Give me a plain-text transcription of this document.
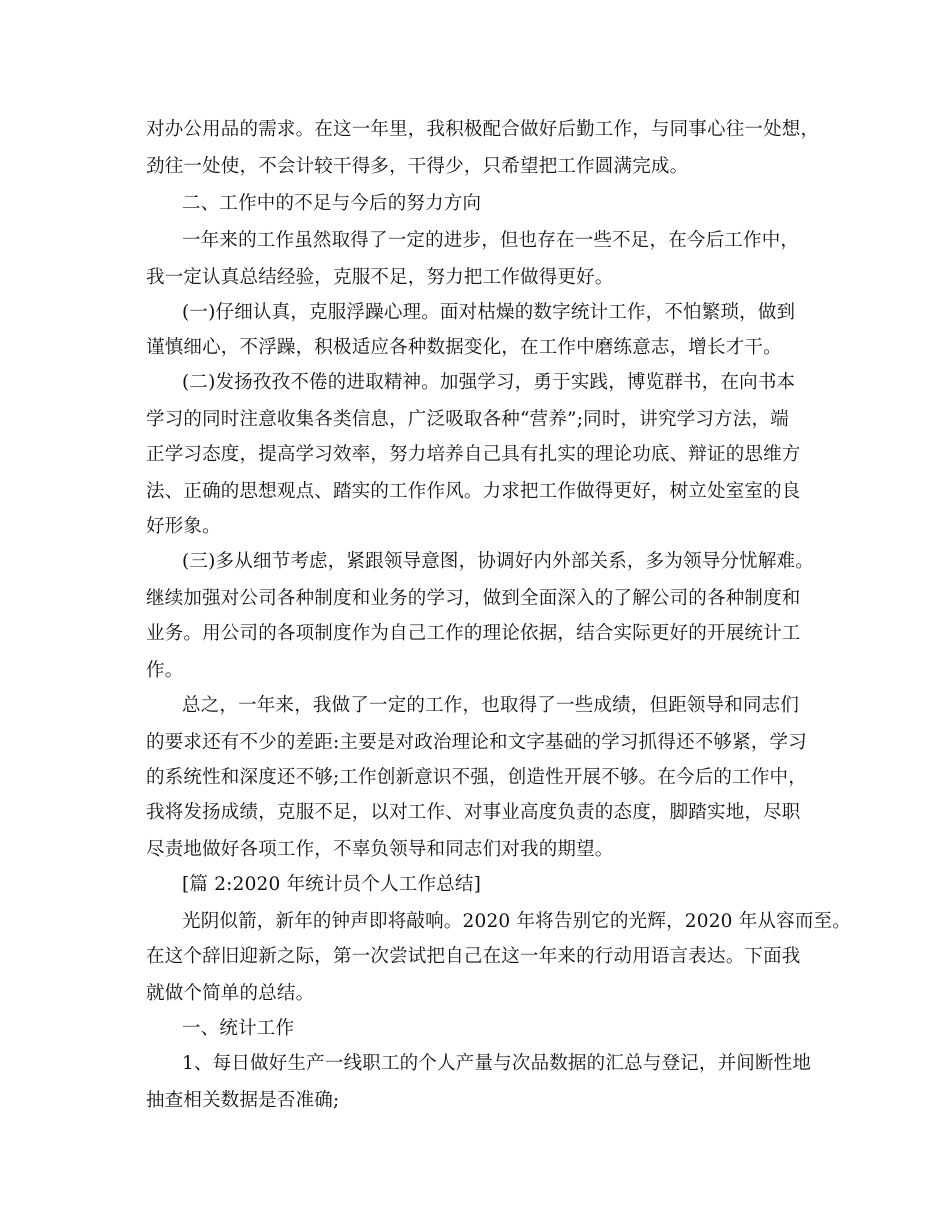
对办公用品的需求。在这一年里，我积极配合做好后勤工作，与同事心往一处想，
劲往一处使，不会计较干得多，干得少，只希望把工作圆满完成。
二、工作中的不足与今后的努力方向
一年来的工作虽然取得了一定的进步，但也存在一些不足，在今后工作中，
我一定认真总结经验，克服不足，努力把工作做得更好。
(一)仔细认真，克服浮躁心理。面对枯燥的数字统计工作，不怕繁琐，做到
谨慎细心，不浮躁，积极适应各种数据变化，在工作中磨练意志，增长才干。
(二)发扬孜孜不倦的进取精神。加强学习，勇于实践，博览群书，在向书本
学习的同时注意收集各类信息，广泛吸取各种“营养”;同时，讲究学习方法，端
正学习态度，提高学习效率，努力培养自己具有扎实的理论功底、辩证的思维方
法、正确的思想观点、踏实的工作作风。力求把工作做得更好，树立处室室的良
好形象。
(三)多从细节考虑，紧跟领导意图，协调好内外部关系，多为领导分忧解难。
继续加强对公司各种制度和业务的学习，做到全面深入的了解公司的各种制度和
业务。用公司的各项制度作为自己工作的理论依据，结合实际更好的开展统计工
作。
总之，一年来，我做了一定的工作，也取得了一些成绩，但距领导和同志们
的要求还有不少的差距:主要是对政治理论和文字基础的学习抓得还不够紧，学习
的系统性和深度还不够;工作创新意识不强，创造性开展不够。在今后的工作中，
我将发扬成绩，克服不足，以对工作、对事业高度负责的态度，脚踏实地，尽职
尽责地做好各项工作，不辜负领导和同志们对我的期望。
[篇 2:2020 年统计员个人工作总结]
光阴似箭，新年的钟声即将敲响。2020 年将告别它的光辉，2020 年从容而至。
在这个辞旧迎新之际，第一次尝试把自己在这一年来的行动用语言表达。下面我
就做个简单的总结。
一、统计工作
1、每日做好生产一线职工的个人产量与次品数据的汇总与登记，并间断性地
抽查相关数据是否准确;
